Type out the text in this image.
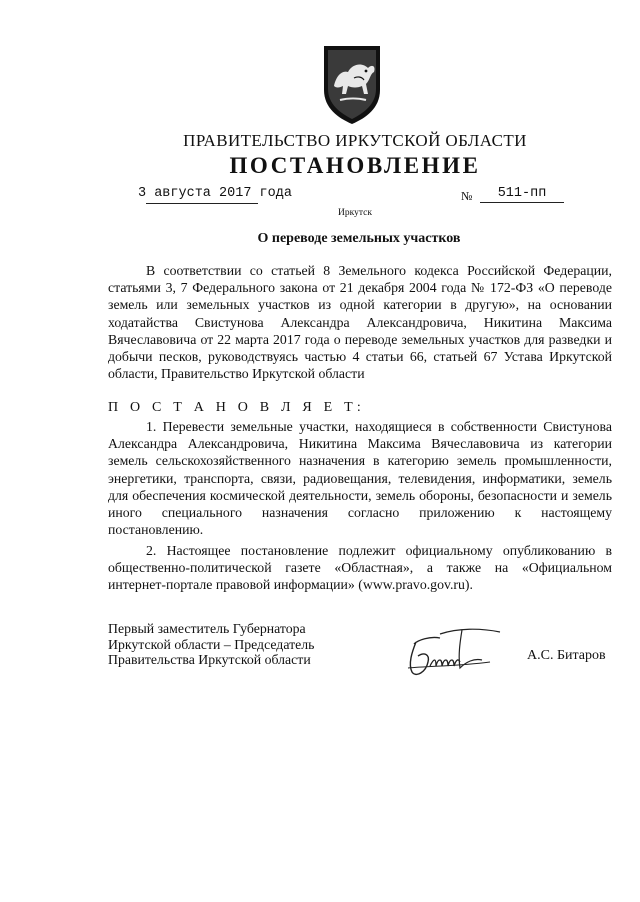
ПРАВИТЕЛЬСТВО ИРКУТСКОЙ ОБЛАСТИ
ПОСТАНОВЛЕНИЕ
3 августа 2017 года	№	511-пп
Иркутск
О переводе земельных участков
В соответствии со статьей 8 Земельного кодекса Российской Федерации, статьями 3, 7 Федерального закона от 21 декабря 2004 года № 172-ФЗ «О переводе земель или земельных участков из одной категории в другую», на основании ходатайства Свистунова Александра Александровича, Никитина Максима Вячеславовича от 22 марта 2017 года о переводе земельных участков для разведки и добычи песков, руководствуясь частью 4 статьи 66, статьей 67 Устава Иркутской области, Правительство Иркутской области
П О С Т А Н О В Л Я Е Т:
1. Перевести земельные участки, находящиеся в собственности Свистунова Александра Александровича, Никитина Максима Вячеславовича из категории земель сельскохозяйственного назначения в категорию земель промышленности, энергетики, транспорта, связи, радиовещания, телевидения, информатики, земель для обеспечения космической деятельности, земель обороны, безопасности и земель иного специального назначения согласно приложению к настоящему постановлению.
2. Настоящее постановление подлежит официальному опубликованию в общественно-политической газете «Областная», а также на «Официальном интернет-портале правовой информации» (www.pravo.gov.ru).
Первый заместитель Губернатора
Иркутской области – Председатель
Правительства Иркутской области	А.С. Битаров
